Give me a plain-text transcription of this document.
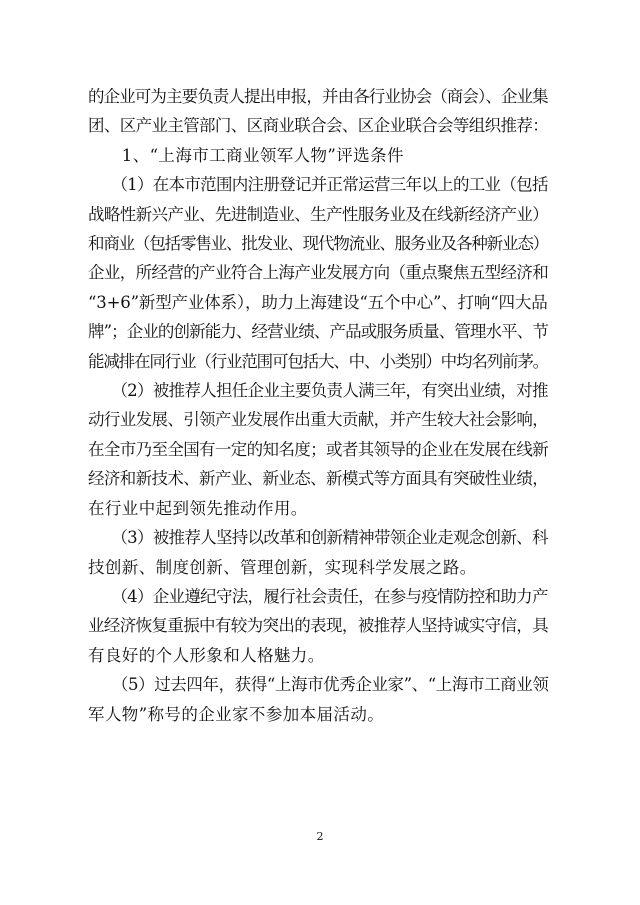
的企业可为主要负责人提出申报，并由各行业协会（商会）、企业集
团、区产业主管部门、区商业联合会、区企业联合会等组织推荐：

　　1、“上海市工商业领军人物”评选条件

　　（1）在本市范围内注册登记并正常运营三年以上的工业（包括
战略性新兴产业、先进制造业、生产性服务业及在线新经济产业）
和商业（包括零售业、批发业、现代物流业、服务业及各种新业态）
企业，所经营的产业符合上海产业发展方向（重点聚焦五型经济和
“3+6”新型产业体系），助力上海建设“五个中心”、打响“四大品
牌”；企业的创新能力、经营业绩、产品或服务质量、管理水平、节
能减排在同行业（行业范围可包括大、中、小类别）中均名列前茅。

　　（2）被推荐人担任企业主要负责人满三年，有突出业绩，对推
动行业发展、引领产业发展作出重大贡献，并产生较大社会影响，
在全市乃至全国有一定的知名度；或者其领导的企业在发展在线新
经济和新技术、新产业、新业态、新模式等方面具有突破性业绩，
在行业中起到领先推动作用。

　　（3）被推荐人坚持以改革和创新精神带领企业走观念创新、科
技创新、制度创新、管理创新，实现科学发展之路。

　　（4）企业遵纪守法，履行社会责任，在参与疫情防控和助力产
业经济恢复重振中有较为突出的表现，被推荐人坚持诚实守信，具
有良好的个人形象和人格魅力。

　　（5）过去四年，获得“上海市优秀企业家”、“上海市工商业领
军人物”称号的企业家不参加本届活动。

2
